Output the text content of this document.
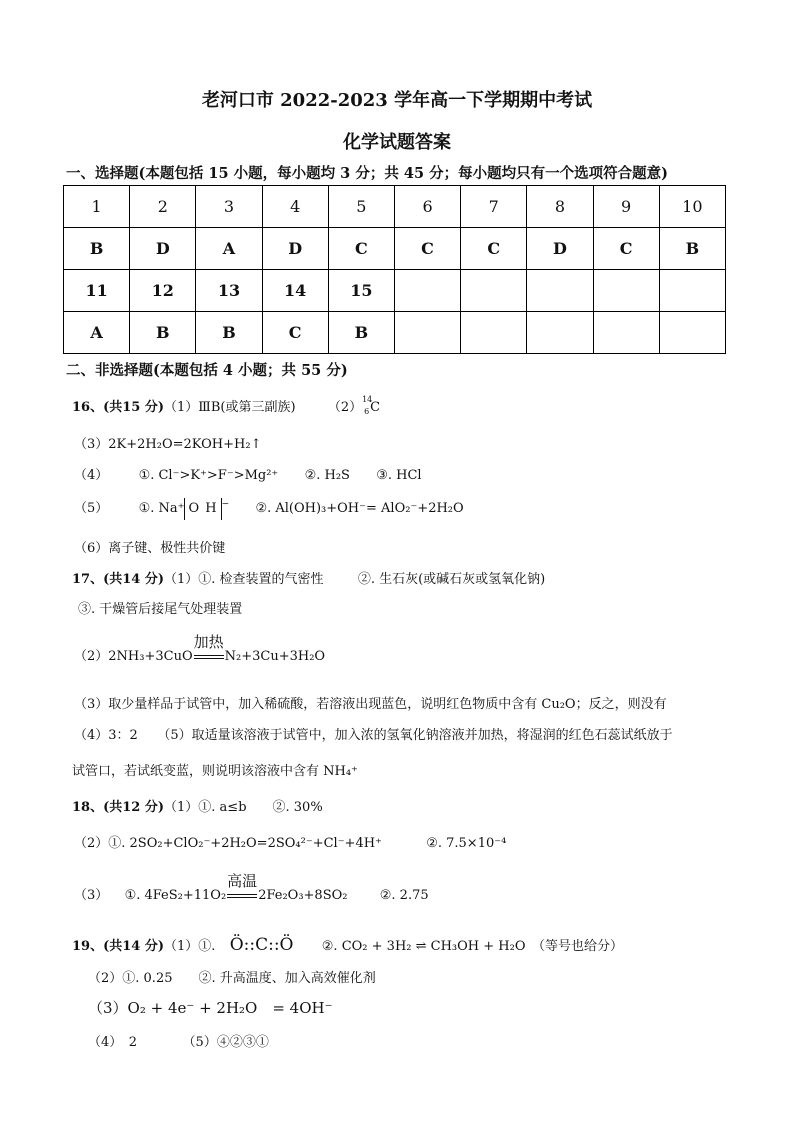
老河口市 2022-2023 学年高一下学期期中考试
化学试题答案
一、选择题(本题包括 15 小题，每小题均 3 分；共 45 分；每小题均只有一个选项符合题意)
1	2	3	4	5	6	7	8	9	10
B	D	A	D	C	C	C	D	C	B
11	12	13	14	15					
A	B	B	C	B					
二、非选择题(本题包括 4 小题；共 55 分)
16、(共15 分)（1）ⅢB(或第三副族) （2）
14
6 C
（3）2K+2H₂O=2KOH+H₂↑
（4） ①. Cl⁻>K⁺>F⁻>Mg²⁺ ②. H₂S ③. HCl
（5） ①. Na⁺ O H − ②. Al(OH)₃+OH⁻= AlO₂⁻+2H₂O
（6）离子键、极性共价键
17、(共14 分)（1）①. 检查装置的气密性	②. 生石灰(或碱石灰或氢氧化钠)
③. 干燥管后接尾气处理装置
（2）2NH₃+3CuO
加热
N₂+3Cu+3H₂O
（3）取少量样品于试管中，加入稀硫酸，若溶液出现蓝色，说明红色物质中含有 Cu₂O；反之，则没有
（4）3：2　　（5）取适量该溶液于试管中，加入浓的氢氧化钠溶液并加热，将湿润的红色石蕊试纸放于
试管口，若试纸变蓝，则说明该溶液中含有 NH₄⁺
18、(共12 分)（1）①. a≤b　　②. 30%
（2）①. 2SO₂+ClO₂⁻+2H₂O=2SO₄²⁻+Cl⁻+4H⁺	②. 7.5×10⁻⁴
（3） ①. 4FeS₂+11O₂
高温
2Fe₂O₃+8SO₂ ②. 2.75
19、(共14 分)（1）①. Ö::C::Ö ②. CO₂ + 3H₂ ⇌ CH₃OH + H₂O　（等号也给分）
（2）①. 0.25　　②. 升高温度、加入高效催化剂
（3）O₂ + 4e⁻ + 2H₂O　= 4OH⁻
（4）　2　　　　（5）④②③①
